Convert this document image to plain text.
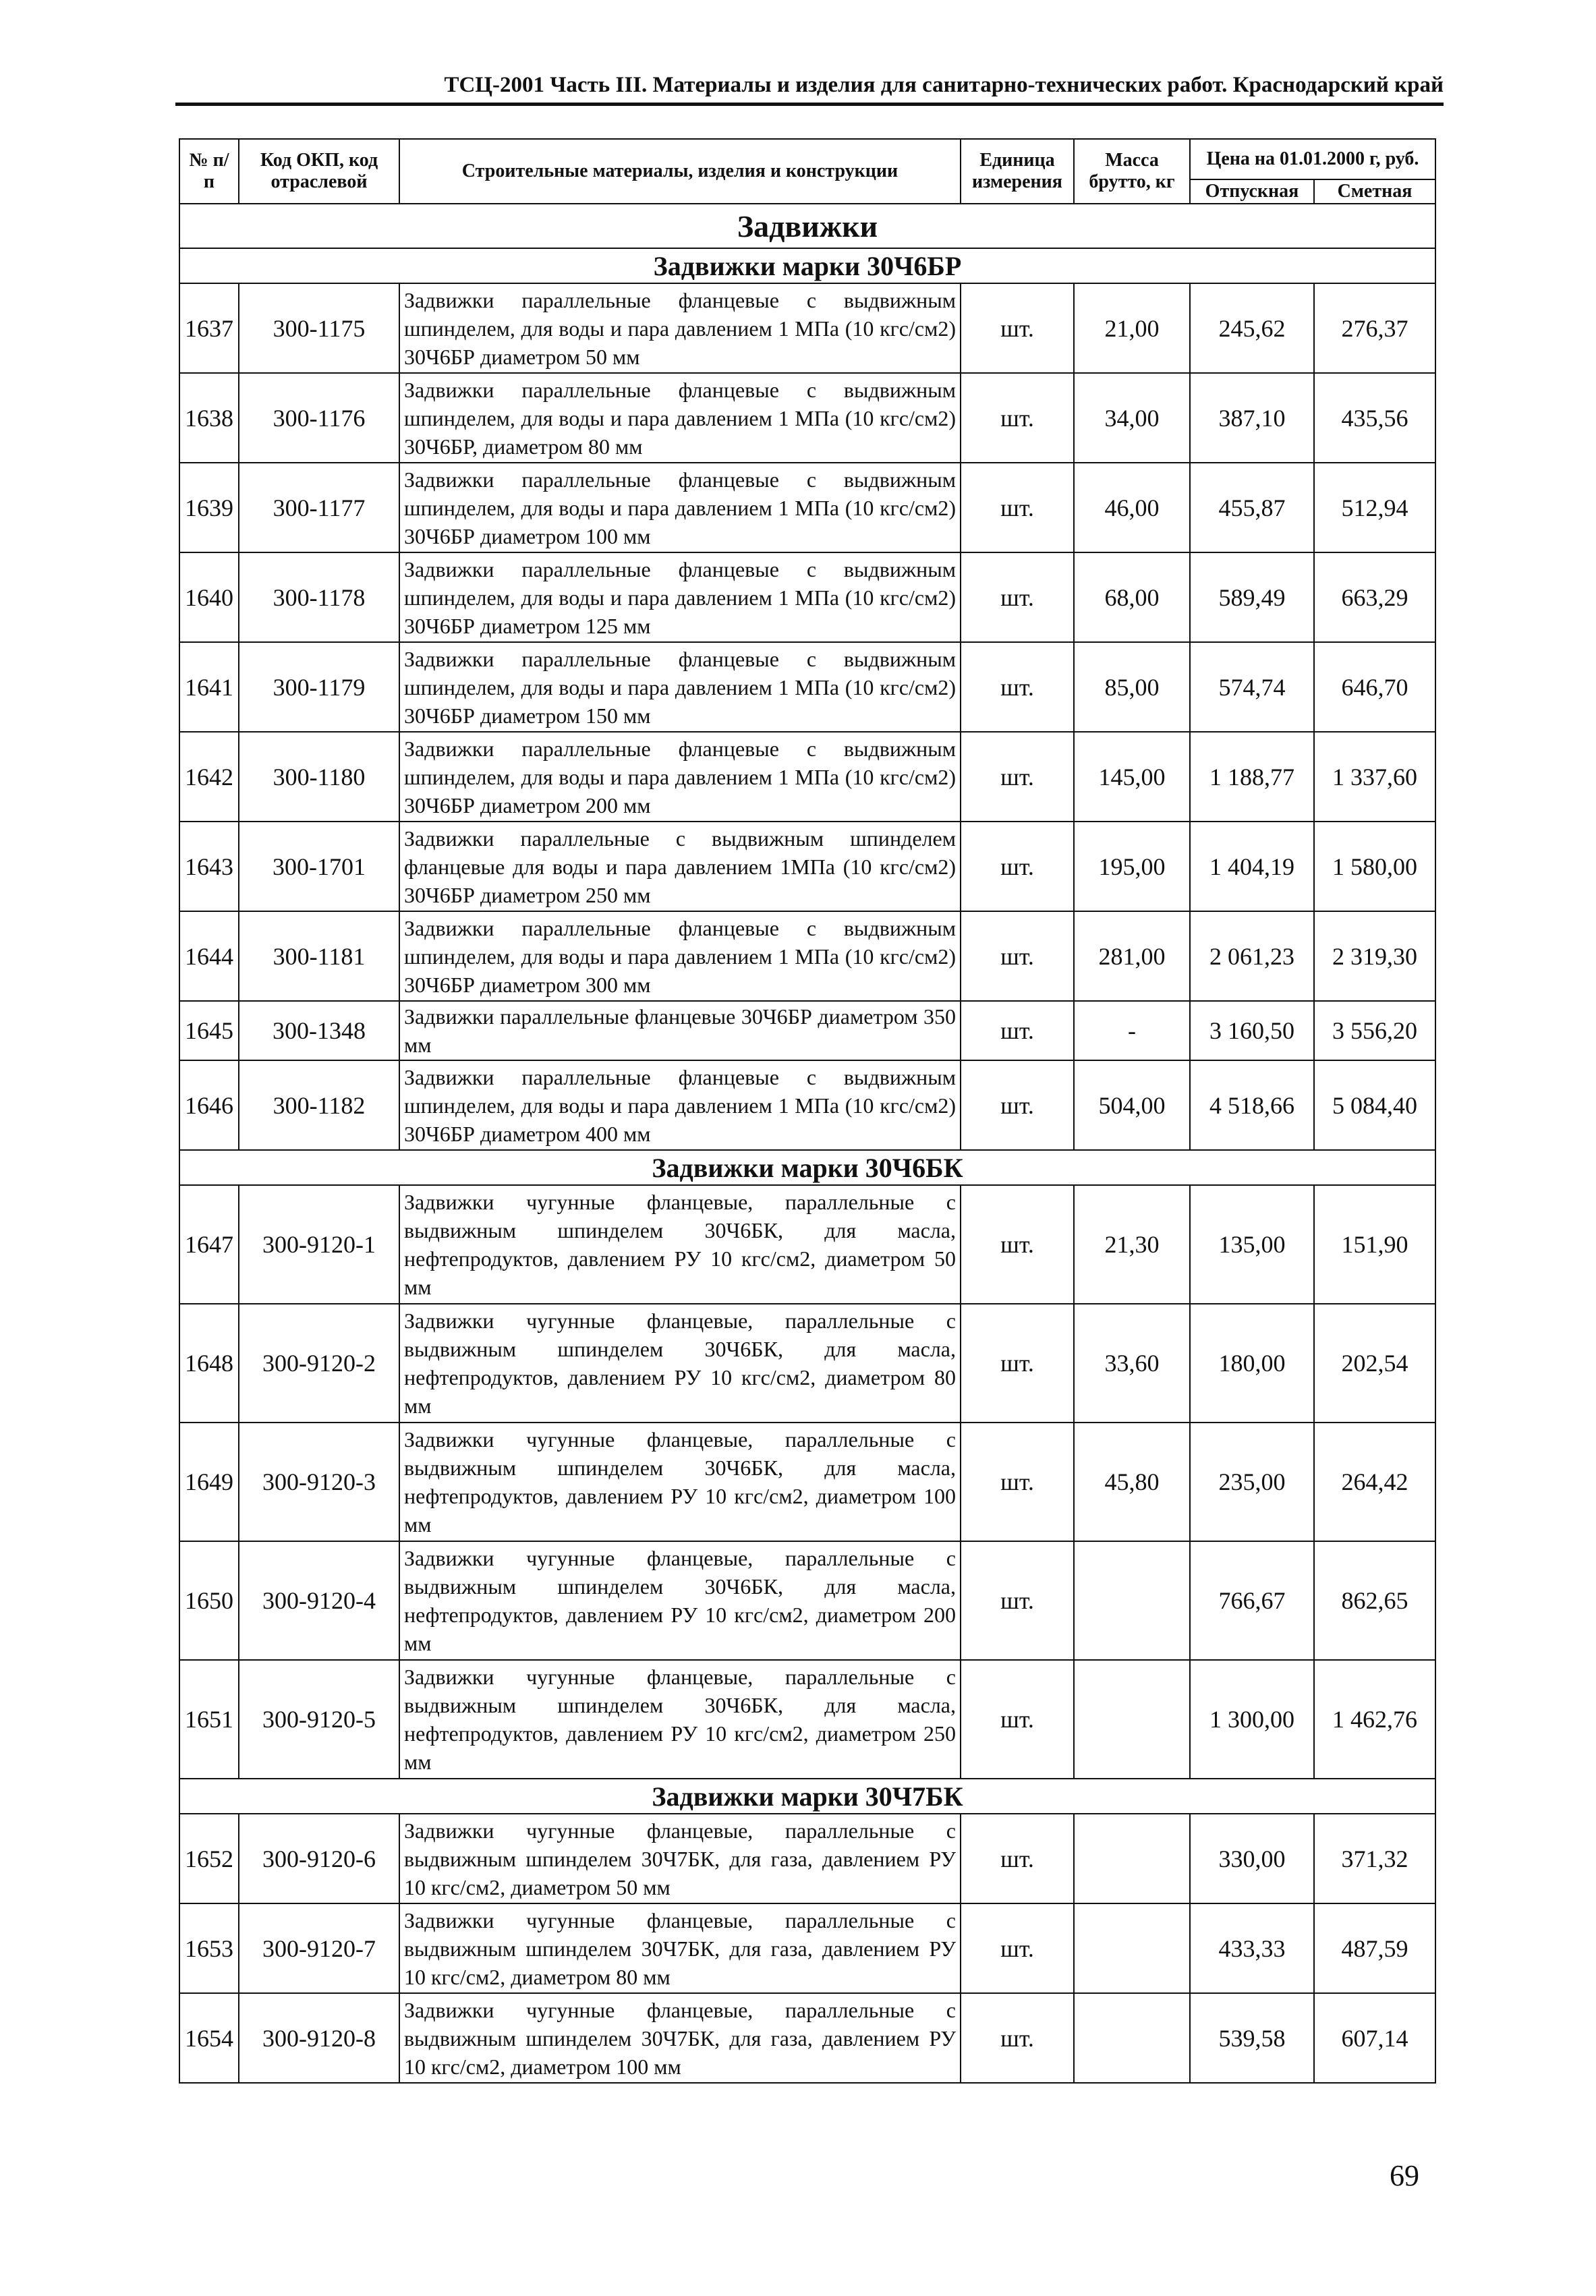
ТСЦ-2001 Часть III. Материалы и изделия для санитарно-технических работ. Краснодарский край
№ п/п	Код ОКП, код отраслевой	Строительные материалы, изделия и конструкции	Единица измерения	Масса брутто, кг	Цена на 01.01.2000 г, руб.	
					Отпускная	Сметная
Задвижки						
Задвижки марки 30Ч6БР						
1637	300-1175	Задвижки параллельные фланцевые с выдвижным шпинделем, для воды и пара давлением 1 МПа (10 кгс/см2) 30Ч6БР диаметром 50 мм	шт.	21,00	245,62	276,37
1638	300-1176	Задвижки параллельные фланцевые с выдвижным шпинделем, для воды и пара давлением 1 МПа (10 кгс/см2) 30Ч6БР, диаметром 80 мм	шт.	34,00	387,10	435,56
1639	300-1177	Задвижки параллельные фланцевые с выдвижным шпинделем, для воды и пара давлением 1 МПа (10 кгс/см2) 30Ч6БР диаметром 100 мм	шт.	46,00	455,87	512,94
1640	300-1178	Задвижки параллельные фланцевые с выдвижным шпинделем, для воды и пара давлением 1 МПа (10 кгс/см2) 30Ч6БР диаметром 125 мм	шт.	68,00	589,49	663,29
1641	300-1179	Задвижки параллельные фланцевые с выдвижным шпинделем, для воды и пара давлением 1 МПа (10 кгс/см2) 30Ч6БР диаметром 150 мм	шт.	85,00	574,74	646,70
1642	300-1180	Задвижки параллельные фланцевые с выдвижным шпинделем, для воды и пара давлением 1 МПа (10 кгс/см2) 30Ч6БР диаметром 200 мм	шт.	145,00	1 188,77	1 337,60
1643	300-1701	Задвижки параллельные с выдвижным шпинделем фланцевые для воды и пара давлением 1МПа (10 кгс/см2) 30Ч6БР диаметром 250 мм	шт.	195,00	1 404,19	1 580,00
1644	300-1181	Задвижки параллельные фланцевые с выдвижным шпинделем, для воды и пара давлением 1 МПа (10 кгс/см2) 30Ч6БР диаметром 300 мм	шт.	281,00	2 061,23	2 319,30
1645	300-1348	Задвижки параллельные фланцевые 30Ч6БР диаметром 350 мм	шт.	-	3 160,50	3 556,20
1646	300-1182	Задвижки параллельные фланцевые с выдвижным шпинделем, для воды и пара давлением 1 МПа (10 кгс/см2) 30Ч6БР диаметром 400 мм	шт.	504,00	4 518,66	5 084,40
Задвижки марки 30Ч6БК						
1647	300-9120-1	Задвижки чугунные фланцевые, параллельные с выдвижным шпинделем 30Ч6БК, для масла, нефтепродуктов, давлением РУ 10 кгс/см2, диаметром 50 мм	шт.	21,30	135,00	151,90
1648	300-9120-2	Задвижки чугунные фланцевые, параллельные с выдвижным шпинделем 30Ч6БК, для масла, нефтепродуктов, давлением РУ 10 кгс/см2, диаметром 80 мм	шт.	33,60	180,00	202,54
1649	300-9120-3	Задвижки чугунные фланцевые, параллельные с выдвижным шпинделем 30Ч6БК, для масла, нефтепродуктов, давлением РУ 10 кгс/см2, диаметром 100 мм	шт.	45,80	235,00	264,42
1650	300-9120-4	Задвижки чугунные фланцевые, параллельные с выдвижным шпинделем 30Ч6БК, для масла, нефтепродуктов, давлением РУ 10 кгс/см2, диаметром 200 мм	шт.		766,67	862,65
1651	300-9120-5	Задвижки чугунные фланцевые, параллельные с выдвижным шпинделем 30Ч6БК, для масла, нефтепродуктов, давлением РУ 10 кгс/см2, диаметром 250 мм	шт.		1 300,00	1 462,76
Задвижки марки 30Ч7БК						
1652	300-9120-6	Задвижки чугунные фланцевые, параллельные с выдвижным шпинделем 30Ч7БК, для газа, давлением РУ 10 кгс/см2, диаметром 50 мм	шт.		330,00	371,32
1653	300-9120-7	Задвижки чугунные фланцевые, параллельные с выдвижным шпинделем 30Ч7БК, для газа, давлением РУ 10 кгс/см2, диаметром 80 мм	шт.		433,33	487,59
1654	300-9120-8	Задвижки чугунные фланцевые, параллельные с выдвижным шпинделем 30Ч7БК, для газа, давлением РУ 10 кгс/см2, диаметром 100 мм	шт.		539,58	607,14
69
